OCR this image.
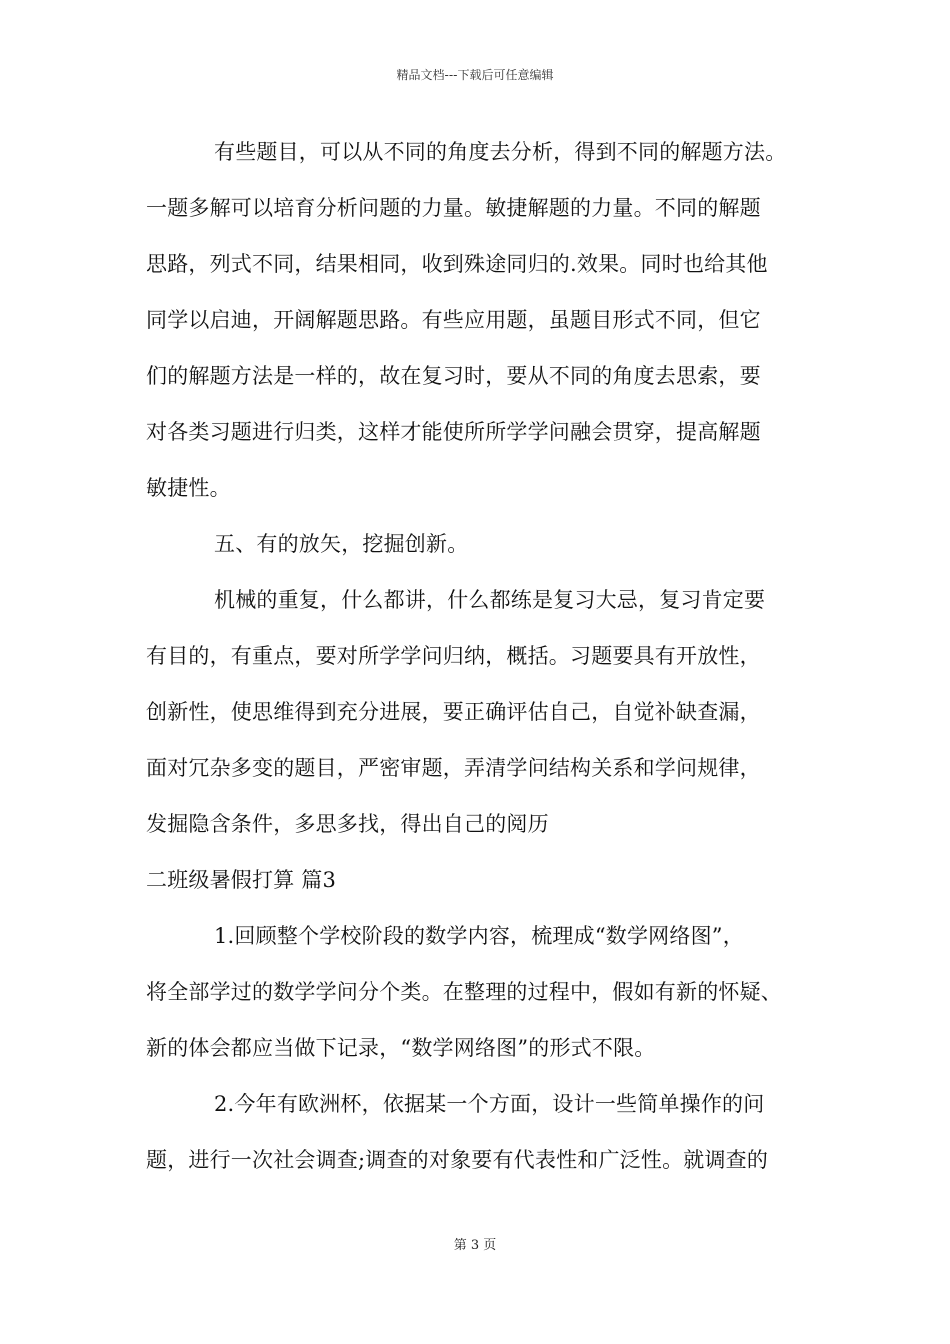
精品文档---下载后可任意编辑
有些题目，可以从不同的角度去分析，得到不同的解题方法。
一题多解可以培育分析问题的力量。敏捷解题的力量。不同的解题
思路，列式不同，结果相同，收到殊途同归的.效果。同时也给其他
同学以启迪，开阔解题思路。有些应用题，虽题目形式不同，但它
们的解题方法是一样的，故在复习时，要从不同的角度去思索，要
对各类习题进行归类，这样才能使所所学学问融会贯穿，提高解题
敏捷性。
五、有的放矢，挖掘创新。
机械的重复，什么都讲，什么都练是复习大忌，复习肯定要
有目的，有重点，要对所学学问归纳，概括。习题要具有开放性，
创新性，使思维得到充分进展，要正确评估自己，自觉补缺查漏，
面对冗杂多变的题目，严密审题，弄清学问结构关系和学问规律，
发掘隐含条件，多思多找，得出自己的阅历
二班级暑假打算 篇3
1.回顾整个学校阶段的数学内容，梳理成“数学网络图”，
将全部学过的数学学问分个类。在整理的过程中，假如有新的怀疑、
新的体会都应当做下记录，“数学网络图”的形式不限。
2.今年有欧洲杯，依据某一个方面，设计一些简单操作的问
题，进行一次社会调查;调查的对象要有代表性和广泛性。就调查的
第 3 页
